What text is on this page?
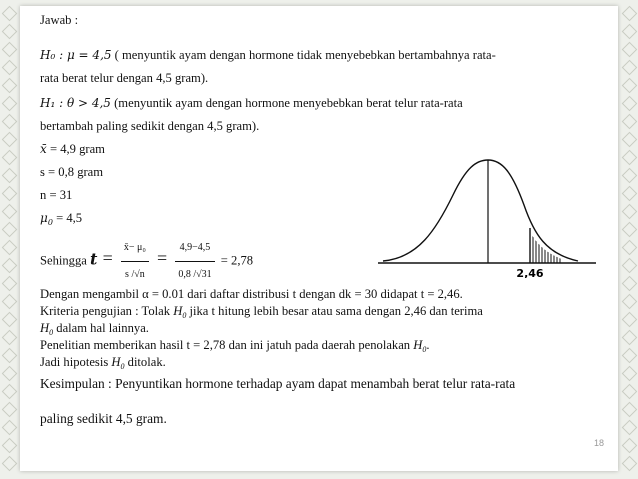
Jawab :
H₀ : μ = 4,5 ( menyuntik ayam dengan hormone tidak menyebebkan bertambahnya rata-
rata berat telur dengan 4,5 gram).
H₁ : θ > 4,5 (menyuntik ayam dengan hormone menyebebkan berat telur rata-rata
bertambah paling sedikit dengan 4,5 gram).
x̄ = 4,9 gram
s = 0,8 gram
n = 31
$\mu_0 = 4,5$
Sehingga $t = \frac{\text{x̄− μ₀}}{s /√n} = \frac{4,9-4,5}{0,8 /√31} = 2,78$
2,46
Dengan mengambil α = 0.01 dari daftar distribusi t dengan dk = 30 didapat t = 2,46.
Kriteria pengujian : Tolak $H_0$ jika t hitung lebih besar atau sama dengan 2,46 dan terima
$H_0$ dalam hal lainnya.
Penelitian memberikan hasil t = 2,78 dan ini jatuh pada daerah penolakan $H_0$.
Jadi hipotesis $H_0$ ditolak.
Kesimpulan : Penyuntikan hormone terhadap ayam dapat menambah berat telur rata-rata
paling sedikit 4,5 gram.
18
